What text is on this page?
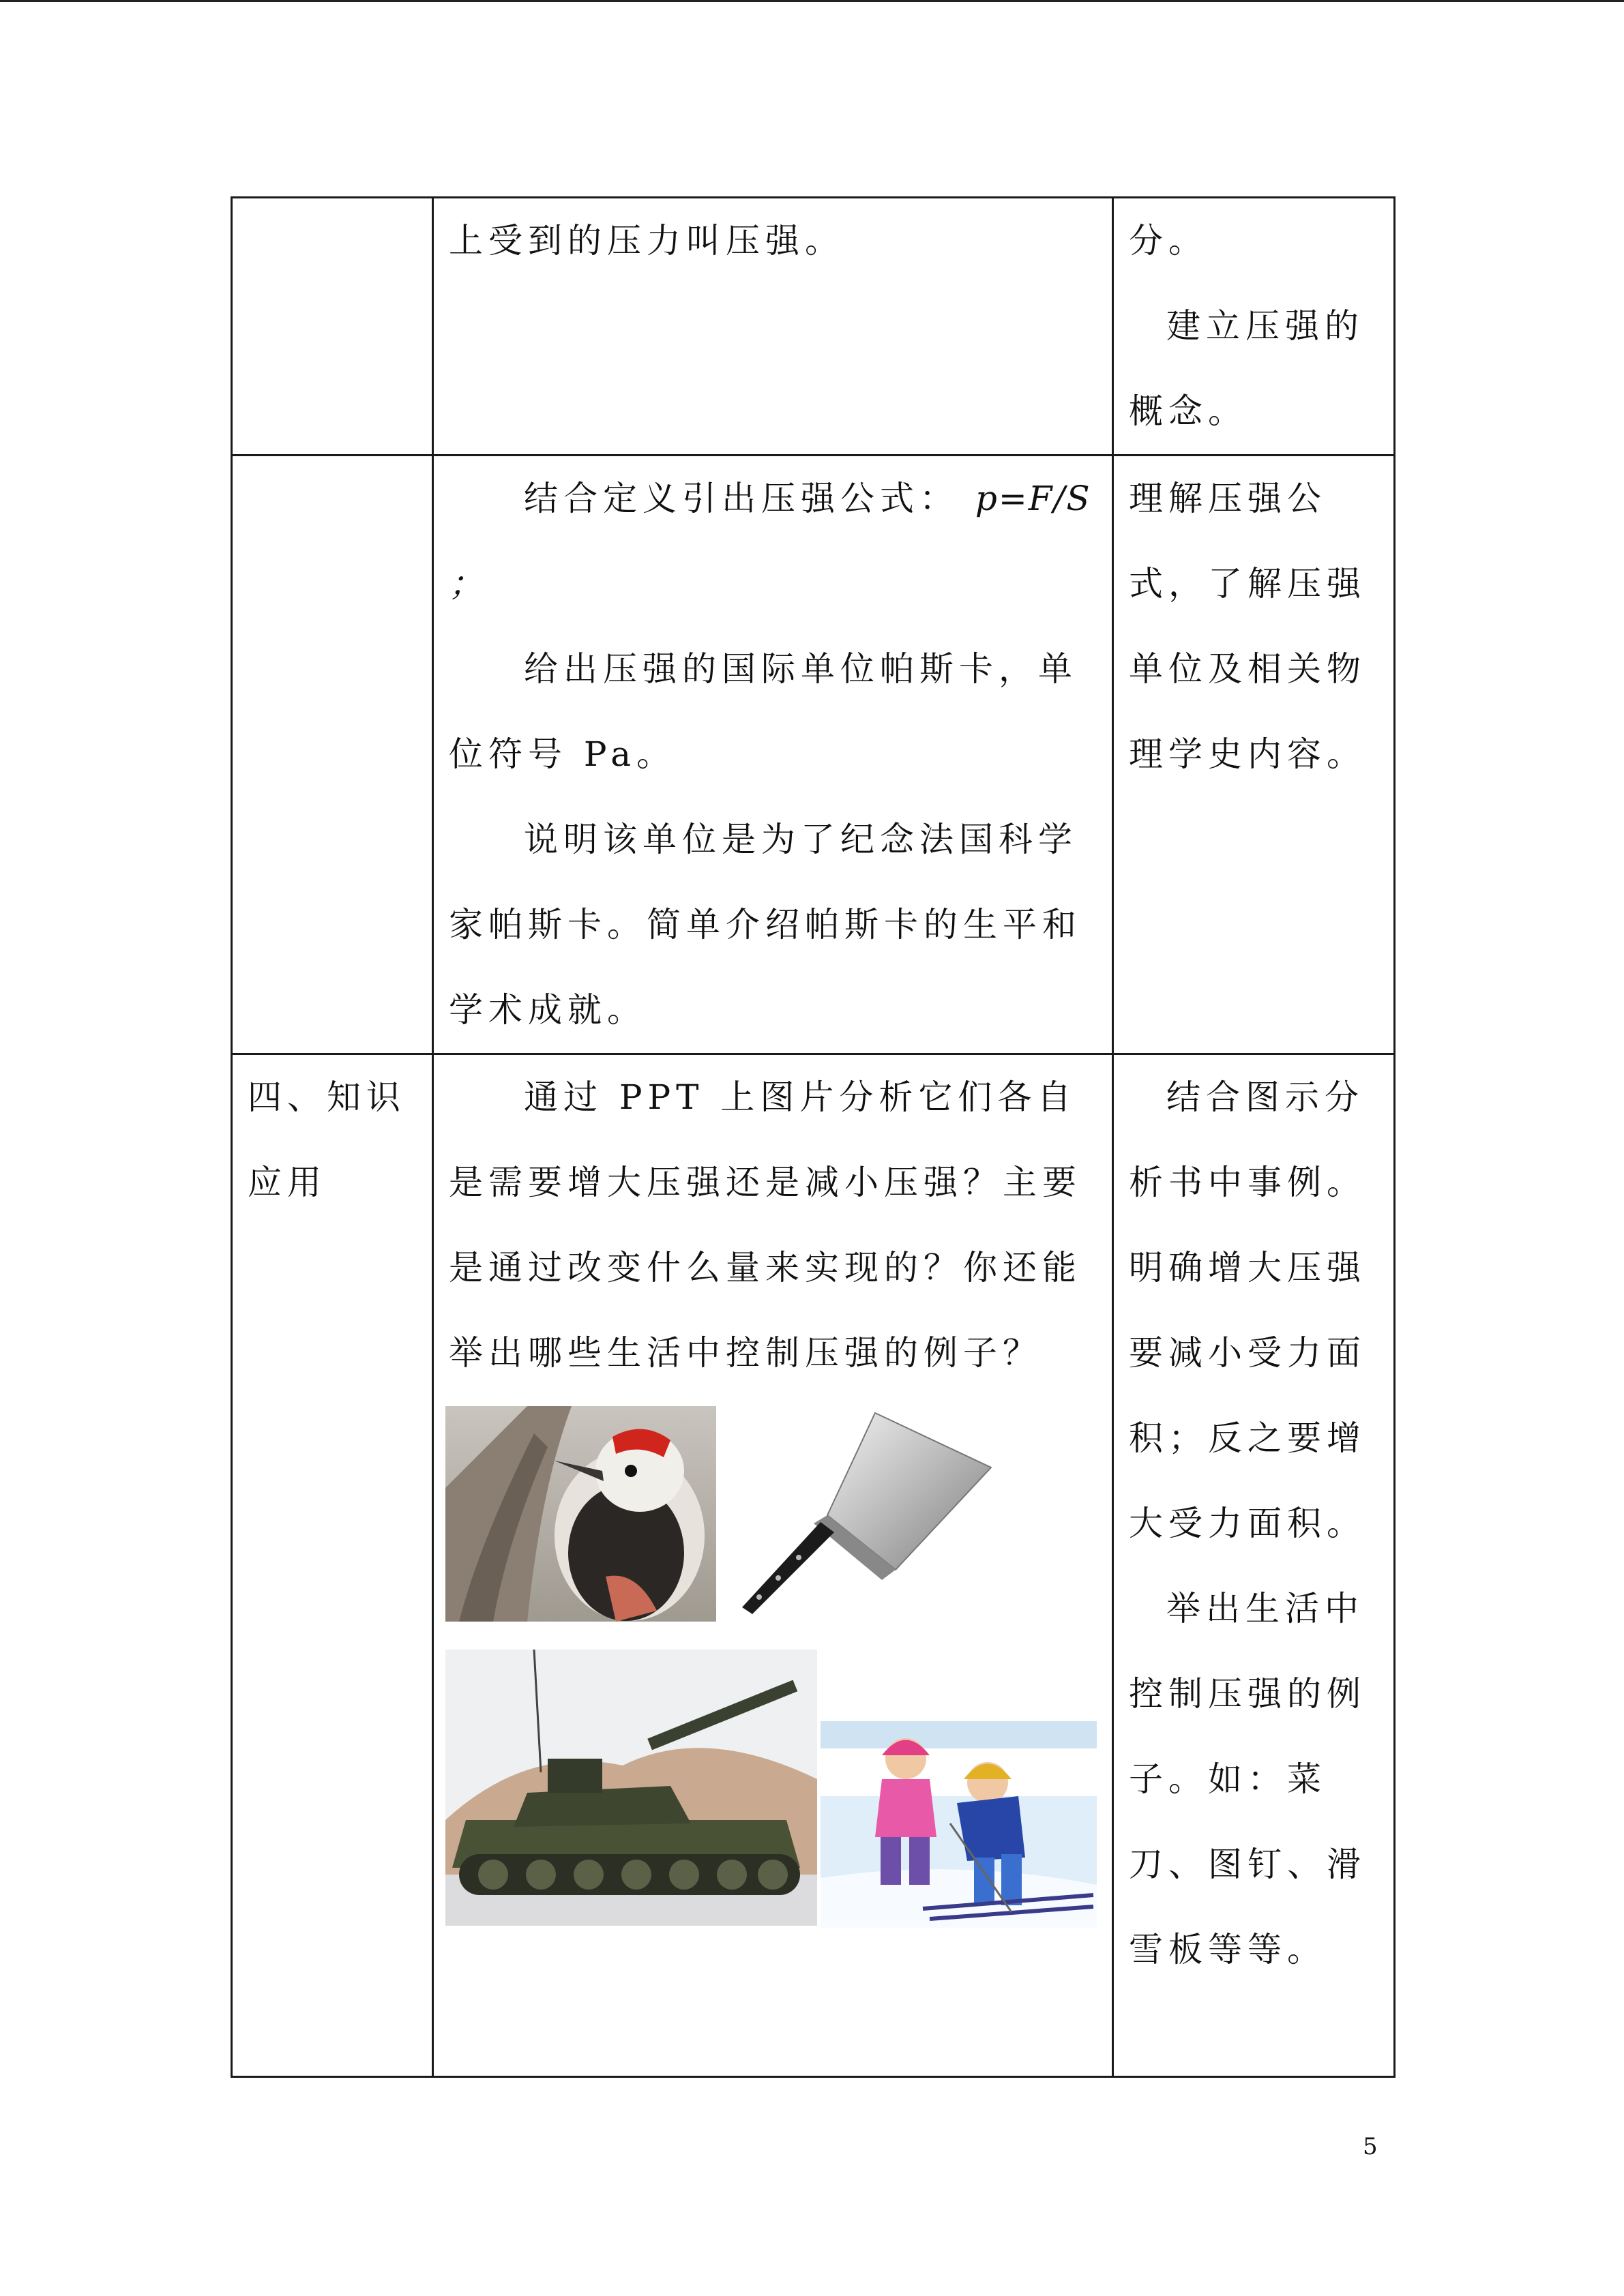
	上受到的压力叫压强。	分。

建立压强的概念。

	结合定义引出压强公式： p=F/S ；

给出压强的国际单位帕斯卡，单位符号 Pa。

说明该单位是为了纪念法国科学家帕斯卡。简单介绍帕斯卡的生平和学术成就。	理解压强公式，了解压强单位及相关物理学史内容。

四、知识应用	通过 PPT 上图片分析它们各自是需要增大压强还是减小压强？主要是通过改变什么量来实现的？你还能举出哪些生活中控制压强的例子？	结合图示分析书中事例。明确增大压强要减小受力面积；反之要增大受力面积。

举出生活中控制压强的例子。如：菜刀、图钉、滑雪板等等。

5
